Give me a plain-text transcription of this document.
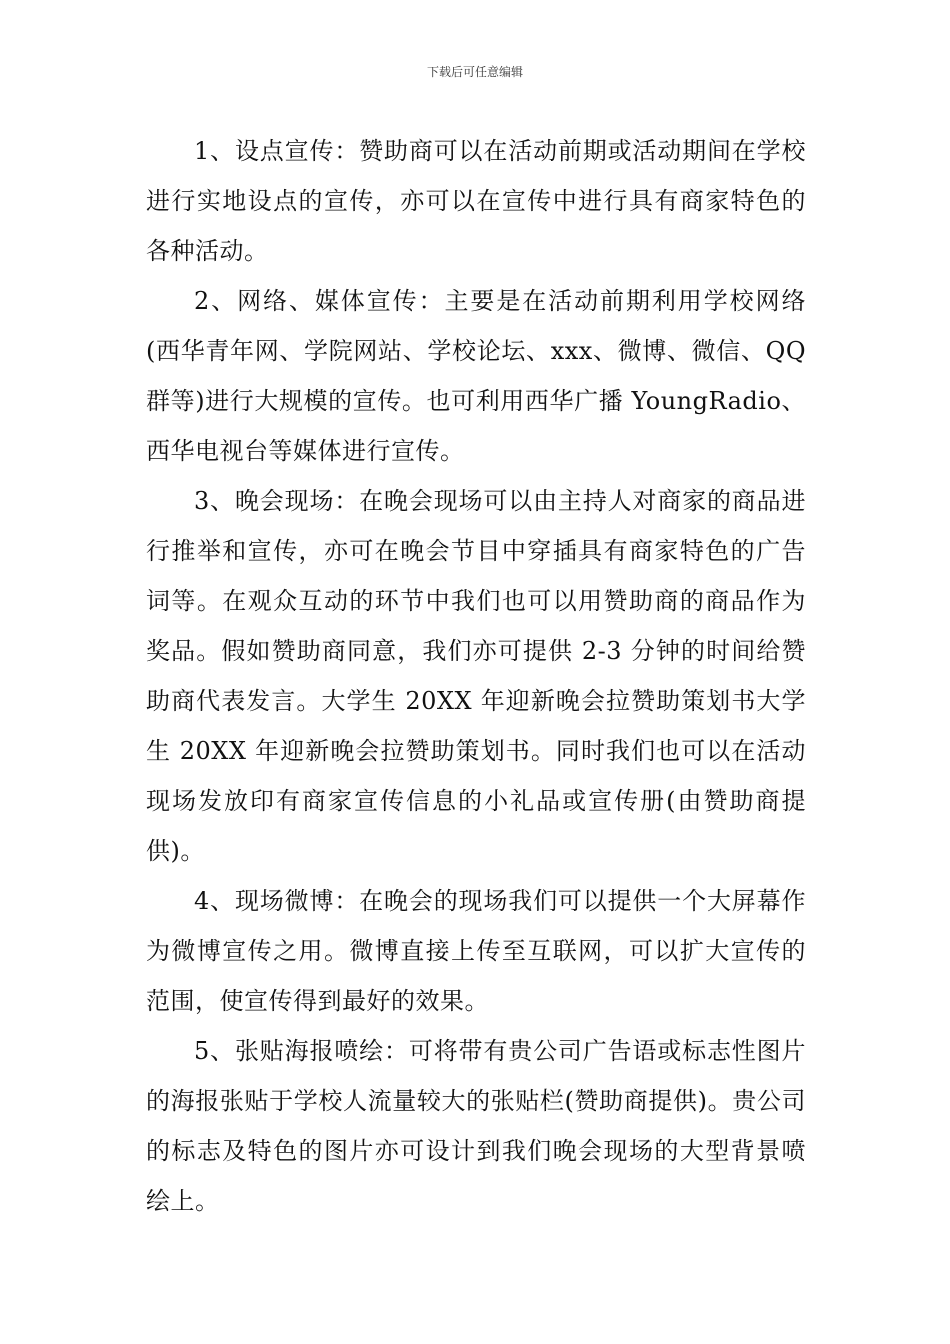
下载后可任意编辑

1、设点宣传：赞助商可以在活动前期或活动期间在学校进行实地设点的宣传，亦可以在宣传中进行具有商家特色的各种活动。

2、网络、媒体宣传：主要是在活动前期利用学校网络(西华青年网、学院网站、学校论坛、xxx、微博、微信、QQ 群等)进行大规模的宣传。也可利用西华广播 YoungRadio、西华电视台等媒体进行宣传。

3、晚会现场：在晚会现场可以由主持人对商家的商品进行推举和宣传，亦可在晚会节目中穿插具有商家特色的广告词等。在观众互动的环节中我们也可以用赞助商的商品作为奖品。假如赞助商同意，我们亦可提供 2-3 分钟的时间给赞助商代表发言。大学生 20XX 年迎新晚会拉赞助策划书大学生 20XX 年迎新晚会拉赞助策划书。同时我们也可以在活动现场发放印有商家宣传信息的小礼品或宣传册(由赞助商提供)。

4、现场微博：在晚会的现场我们可以提供一个大屏幕作为微博宣传之用。微博直接上传至互联网，可以扩大宣传的范围，使宣传得到最好的效果。

5、张贴海报喷绘：可将带有贵公司广告语或标志性图片的海报张贴于学校人流量较大的张贴栏(赞助商提供)。贵公司的标志及特色的图片亦可设计到我们晚会现场的大型背景喷绘上。
